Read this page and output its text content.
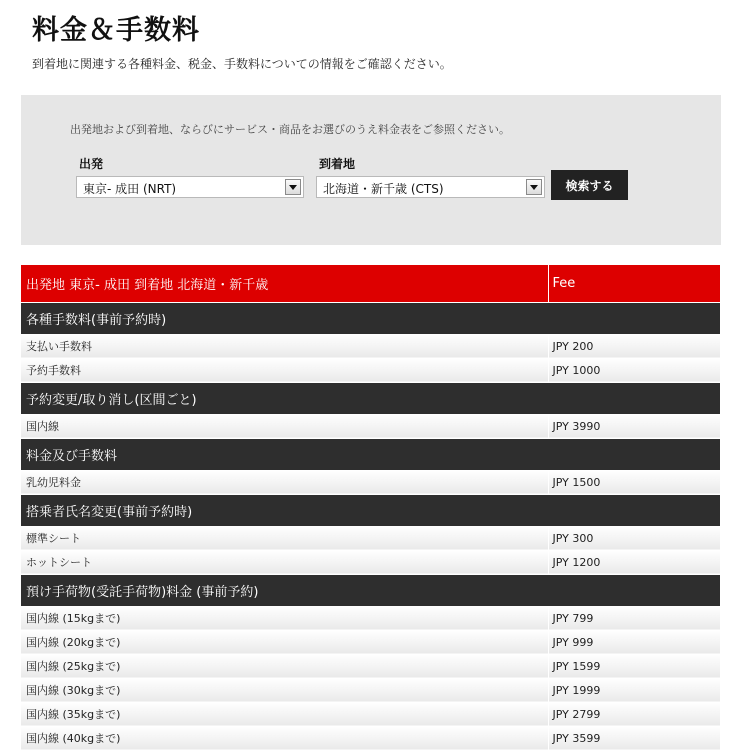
料金＆手数料

到着地に関連する各種料金、税金、手数料についての情報をご確認ください。

出発地および到着地、ならびにサービス・商品をお選びのうえ料金表をご参照ください。
出発	到着地
東京- 成田 (NRT)	北海道・新千歳 (CTS)	検索する
出発地 東京- 成田 到着地 北海道・新千歳	Fee
各種手数料(事前予約時)	
支払い手数料	JPY 200
予約手数料	JPY 1000
予約変更/取り消し(区間ごと)	
国内線	JPY 3990
料金及び手数料	
乳幼児料金	JPY 1500
搭乗者氏名変更(事前予約時)	
標準シート	JPY 300
ホットシート	JPY 1200
預け手荷物(受託手荷物)料金 (事前予約)	
国内線 (15kgまで)	JPY 799
国内線 (20kgまで)	JPY 999
国内線 (25kgまで)	JPY 1599
国内線 (30kgまで)	JPY 1999
国内線 (35kgまで)	JPY 2799
国内線 (40kgまで)	JPY 3599
